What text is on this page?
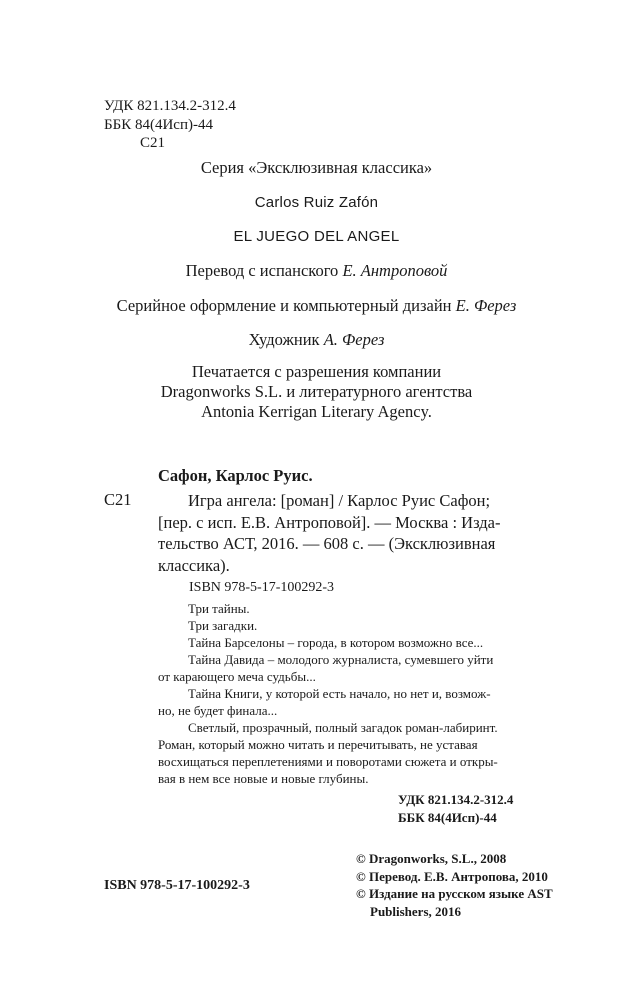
УДК 821.134.2-312.4
ББК 84(4Исп)-44
С21
Серия «Эксклюзивная классика»
Carlos Ruiz Zafón
EL JUEGO DEL ANGEL
Перевод с испанского Е. Антроповой
Серийное оформление и компьютерный дизайн Е. Ферез
Художник А. Ферез
Печатается с разрешения компании
Dragonworks S.L. и литературного агентства
Antonia Kerrigan Literary Agency.
Сафон, Карлос Руис.
С21	Игра ангела: [роман] / Карлос Руис Сафон;
[пер. с исп. Е.В. Антроповой]. — Москва : Изда-
тельство АСТ, 2016. — 608 с. — (Эксклюзивная
классика).
ISBN 978-5-17-100292-3
Три тайны.
Три загадки.
Тайна Барселоны – города, в котором возможно все...
Тайна Давида – молодого журналиста, сумевшего уйти
от карающего меча судьбы...
Тайна Книги, у которой есть начало, но нет и, возмож-
но, не будет финала...
Светлый, прозрачный, полный загадок роман-лабиринт.
Роман, который можно читать и перечитывать, не уставая
восхищаться переплетениями и поворотами сюжета и откры-
вая в нем все новые и новые глубины.
УДК 821.134.2-312.4
ББК 84(4Исп)-44
© Dragonworks, S.L., 2008
© Перевод. Е.В. Антропова, 2010
© Издание на русском языке AST
Publishers, 2016
ISBN 978-5-17-100292-3
